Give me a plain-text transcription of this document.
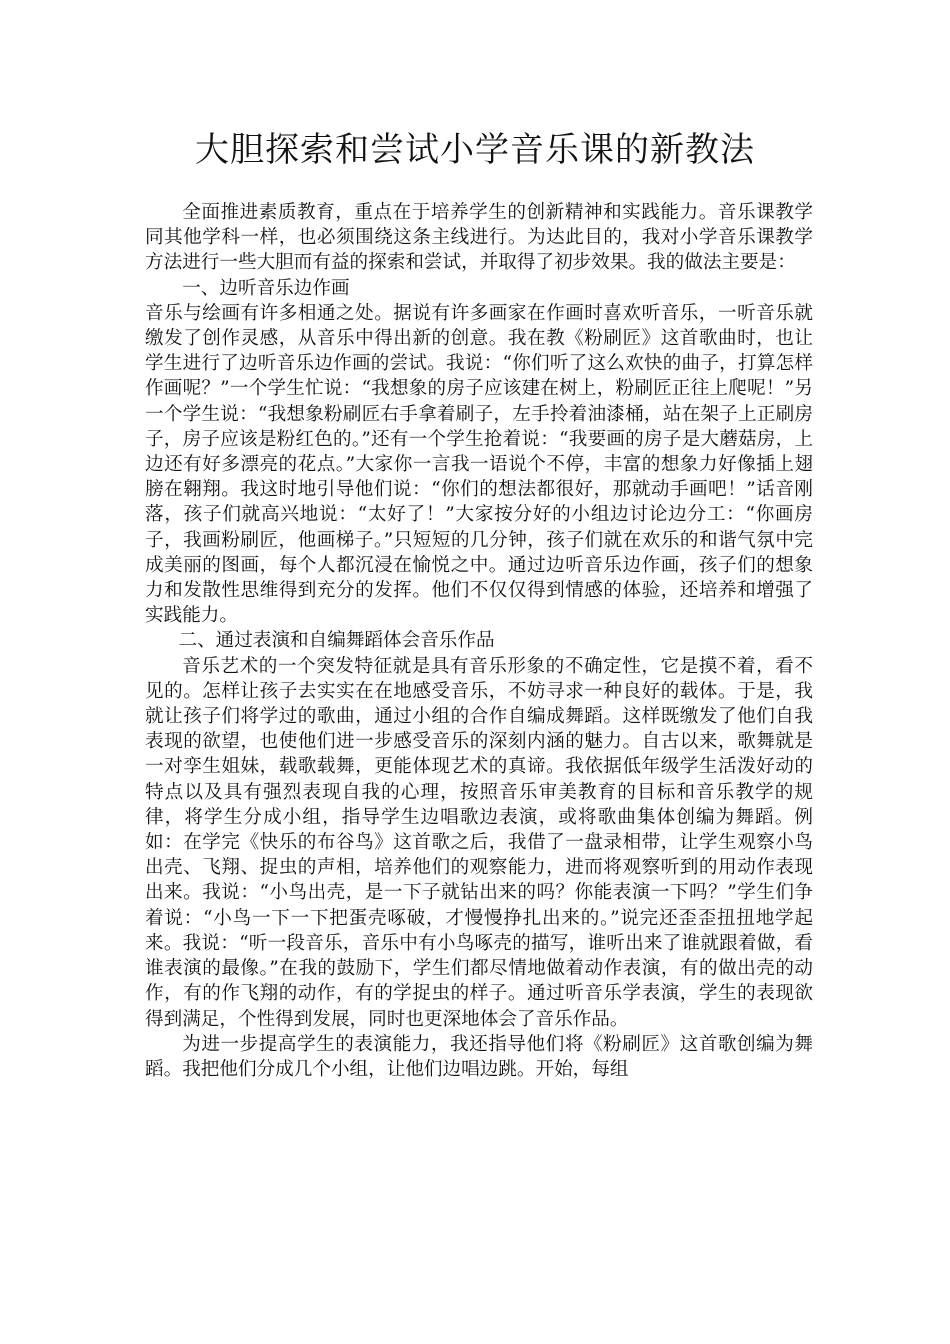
大胆探索和尝试小学音乐课的新教法

全面推进素质教育，重点在于培养学生的创新精神和实践能力。音乐课教学同其他学科一样，也必须围绕这条主线进行。为达此目的，我对小学音乐课教学方法进行一些大胆而有益的探索和尝试，并取得了初步效果。我的做法主要是：

一、边听音乐边作画

音乐与绘画有许多相通之处。据说有许多画家在作画时喜欢听音乐，一听音乐就缴发了创作灵感，从音乐中得出新的创意。我在教《粉刷匠》这首歌曲时，也让学生进行了边听音乐边作画的尝试。我说：“你们听了这么欢快的曲子，打算怎样作画呢？”一个学生忙说：“我想象的房子应该建在树上，粉刷匠正往上爬呢！”另一个学生说：“我想象粉刷匠右手拿着刷子，左手拎着油漆桶，站在架子上正刷房子，房子应该是粉红色的。”还有一个学生抢着说：“我要画的房子是大蘑菇房，上边还有好多漂亮的花点。”大家你一言我一语说个不停，丰富的想象力好像插上翅膀在翱翔。我这时地引导他们说：“你们的想法都很好，那就动手画吧！”话音刚落，孩子们就高兴地说：“太好了！”大家按分好的小组边讨论边分工：“你画房子，我画粉刷匠，他画梯子。”只短短的几分钟，孩子们就在欢乐的和谐气氛中完成美丽的图画，每个人都沉浸在愉悦之中。通过边听音乐边作画，孩子们的想象力和发散性思维得到充分的发挥。他们不仅仅得到情感的体验，还培养和增强了实践能力。

二、通过表演和自编舞蹈体会音乐作品

音乐艺术的一个突发特征就是具有音乐形象的不确定性，它是摸不着，看不见的。怎样让孩子去实实在在地感受音乐，不妨寻求一种良好的载体。于是，我就让孩子们将学过的歌曲，通过小组的合作自编成舞蹈。这样既缴发了他们自我表现的欲望，也使他们进一步感受音乐的深刻内涵的魅力。自古以来，歌舞就是一对孪生姐妹，载歌载舞，更能体现艺术的真谛。我依据低年级学生活泼好动的特点以及具有强烈表现自我的心理，按照音乐审美教育的目标和音乐教学的规律，将学生分成小组，指导学生边唱歌边表演，或将歌曲集体创编为舞蹈。例如：在学完《快乐的布谷鸟》这首歌之后，我借了一盘录相带，让学生观察小鸟出壳、飞翔、捉虫的声相，培养他们的观察能力，进而将观察听到的用动作表现出来。我说：“小鸟出壳，是一下子就钻出来的吗？你能表演一下吗？”学生们争着说：“小鸟一下一下把蛋壳啄破，才慢慢挣扎出来的。”说完还歪歪扭扭地学起来。我说：“听一段音乐，音乐中有小鸟啄壳的描写，谁听出来了谁就跟着做，看谁表演的最像。”在我的鼓励下，学生们都尽情地做着动作表演，有的做出壳的动作，有的作飞翔的动作，有的学捉虫的样子。通过听音乐学表演，学生的表现欲得到满足，个性得到发展，同时也更深地体会了音乐作品。

为进一步提高学生的表演能力，我还指导他们将《粉刷匠》这首歌创编为舞蹈。我把他们分成几个小组，让他们边唱边跳。开始，每组
